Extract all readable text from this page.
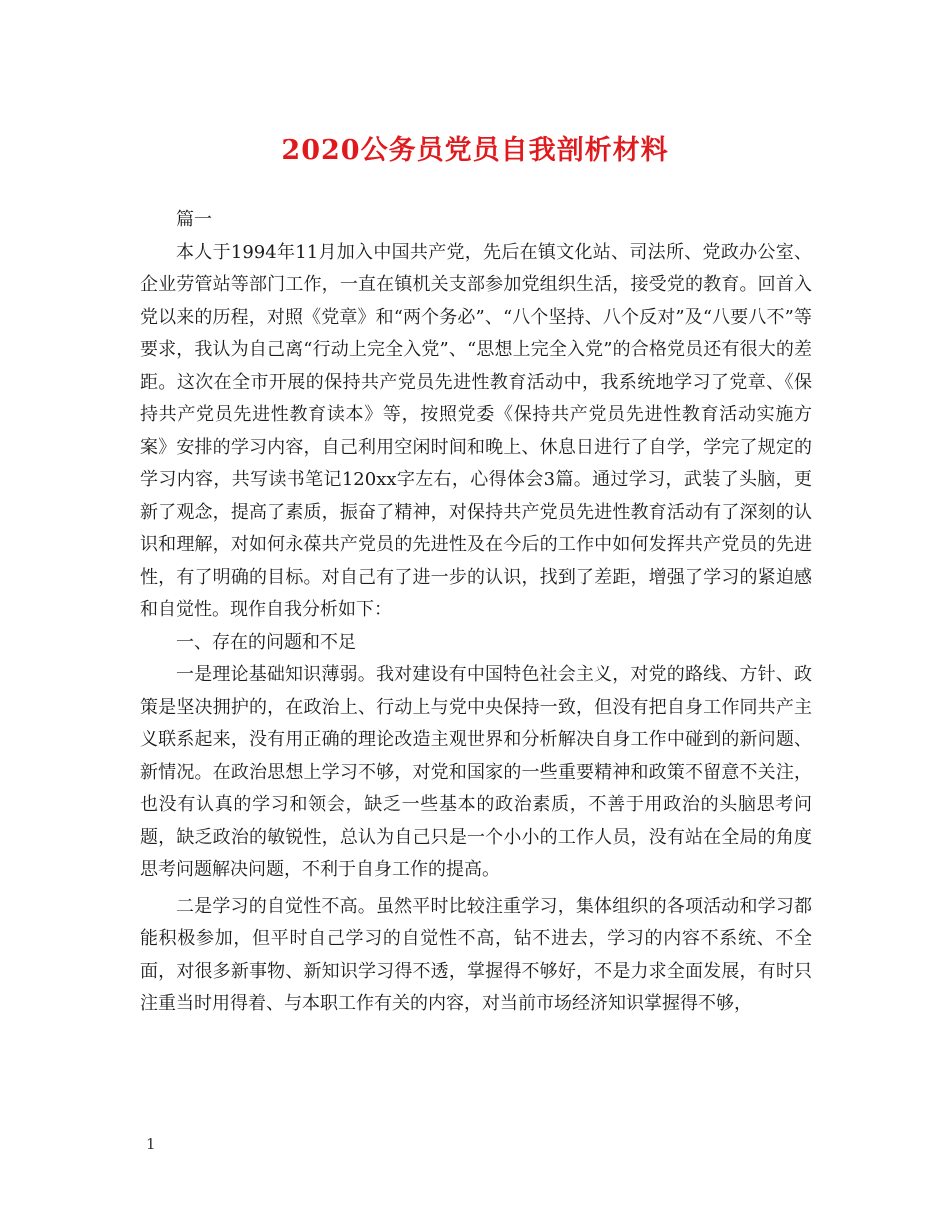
2020公务员党员自我剖析材料

篇一

本人于1994年11月加入中国共产党，先后在镇文化站、司法所、党政办公室、企业劳管站等部门工作，一直在镇机关支部参加党组织生活，接受党的教育。回首入党以来的历程，对照《党章》和“两个务必”、“八个坚持、八个反对”及“八要八不”等要求，我认为自己离“行动上完全入党”、“思想上完全入党”的合格党员还有很大的差距。这次在全市开展的保持共产党员先进性教育活动中，我系统地学习了党章、《保持共产党员先进性教育读本》等，按照党委《保持共产党员先进性教育活动实施方案》安排的学习内容，自己利用空闲时间和晚上、休息日进行了自学，学完了规定的学习内容，共写读书笔记120xx字左右，心得体会3篇。通过学习，武装了头脑，更新了观念，提高了素质，振奋了精神，对保持共产党员先进性教育活动有了深刻的认识和理解，对如何永葆共产党员的先进性及在今后的工作中如何发挥共产党员的先进性，有了明确的目标。对自己有了进一步的认识，找到了差距，增强了学习的紧迫感和自觉性。现作自我分析如下：

一、存在的问题和不足

一是理论基础知识薄弱。我对建设有中国特色社会主义，对党的路线、方针、政策是坚决拥护的，在政治上、行动上与党中央保持一致，但没有把自身工作同共产主义联系起来，没有用正确的理论改造主观世界和分析解决自身工作中碰到的新问题、新情况。在政治思想上学习不够，对党和国家的一些重要精神和政策不留意不关注，也没有认真的学习和领会，缺乏一些基本的政治素质，不善于用政治的头脑思考问题，缺乏政治的敏锐性，总认为自己只是一个小小的工作人员，没有站在全局的角度思考问题解决问题，不利于自身工作的提高。

二是学习的自觉性不高。虽然平时比较注重学习，集体组织的各项活动和学习都能积极参加，但平时自己学习的自觉性不高，钻不进去，学习的内容不系统、不全面，对很多新事物、新知识学习得不透，掌握得不够好，不是力求全面发展，有时只注重当时用得着、与本职工作有关的内容，对当前市场经济知识掌握得不够，

1
